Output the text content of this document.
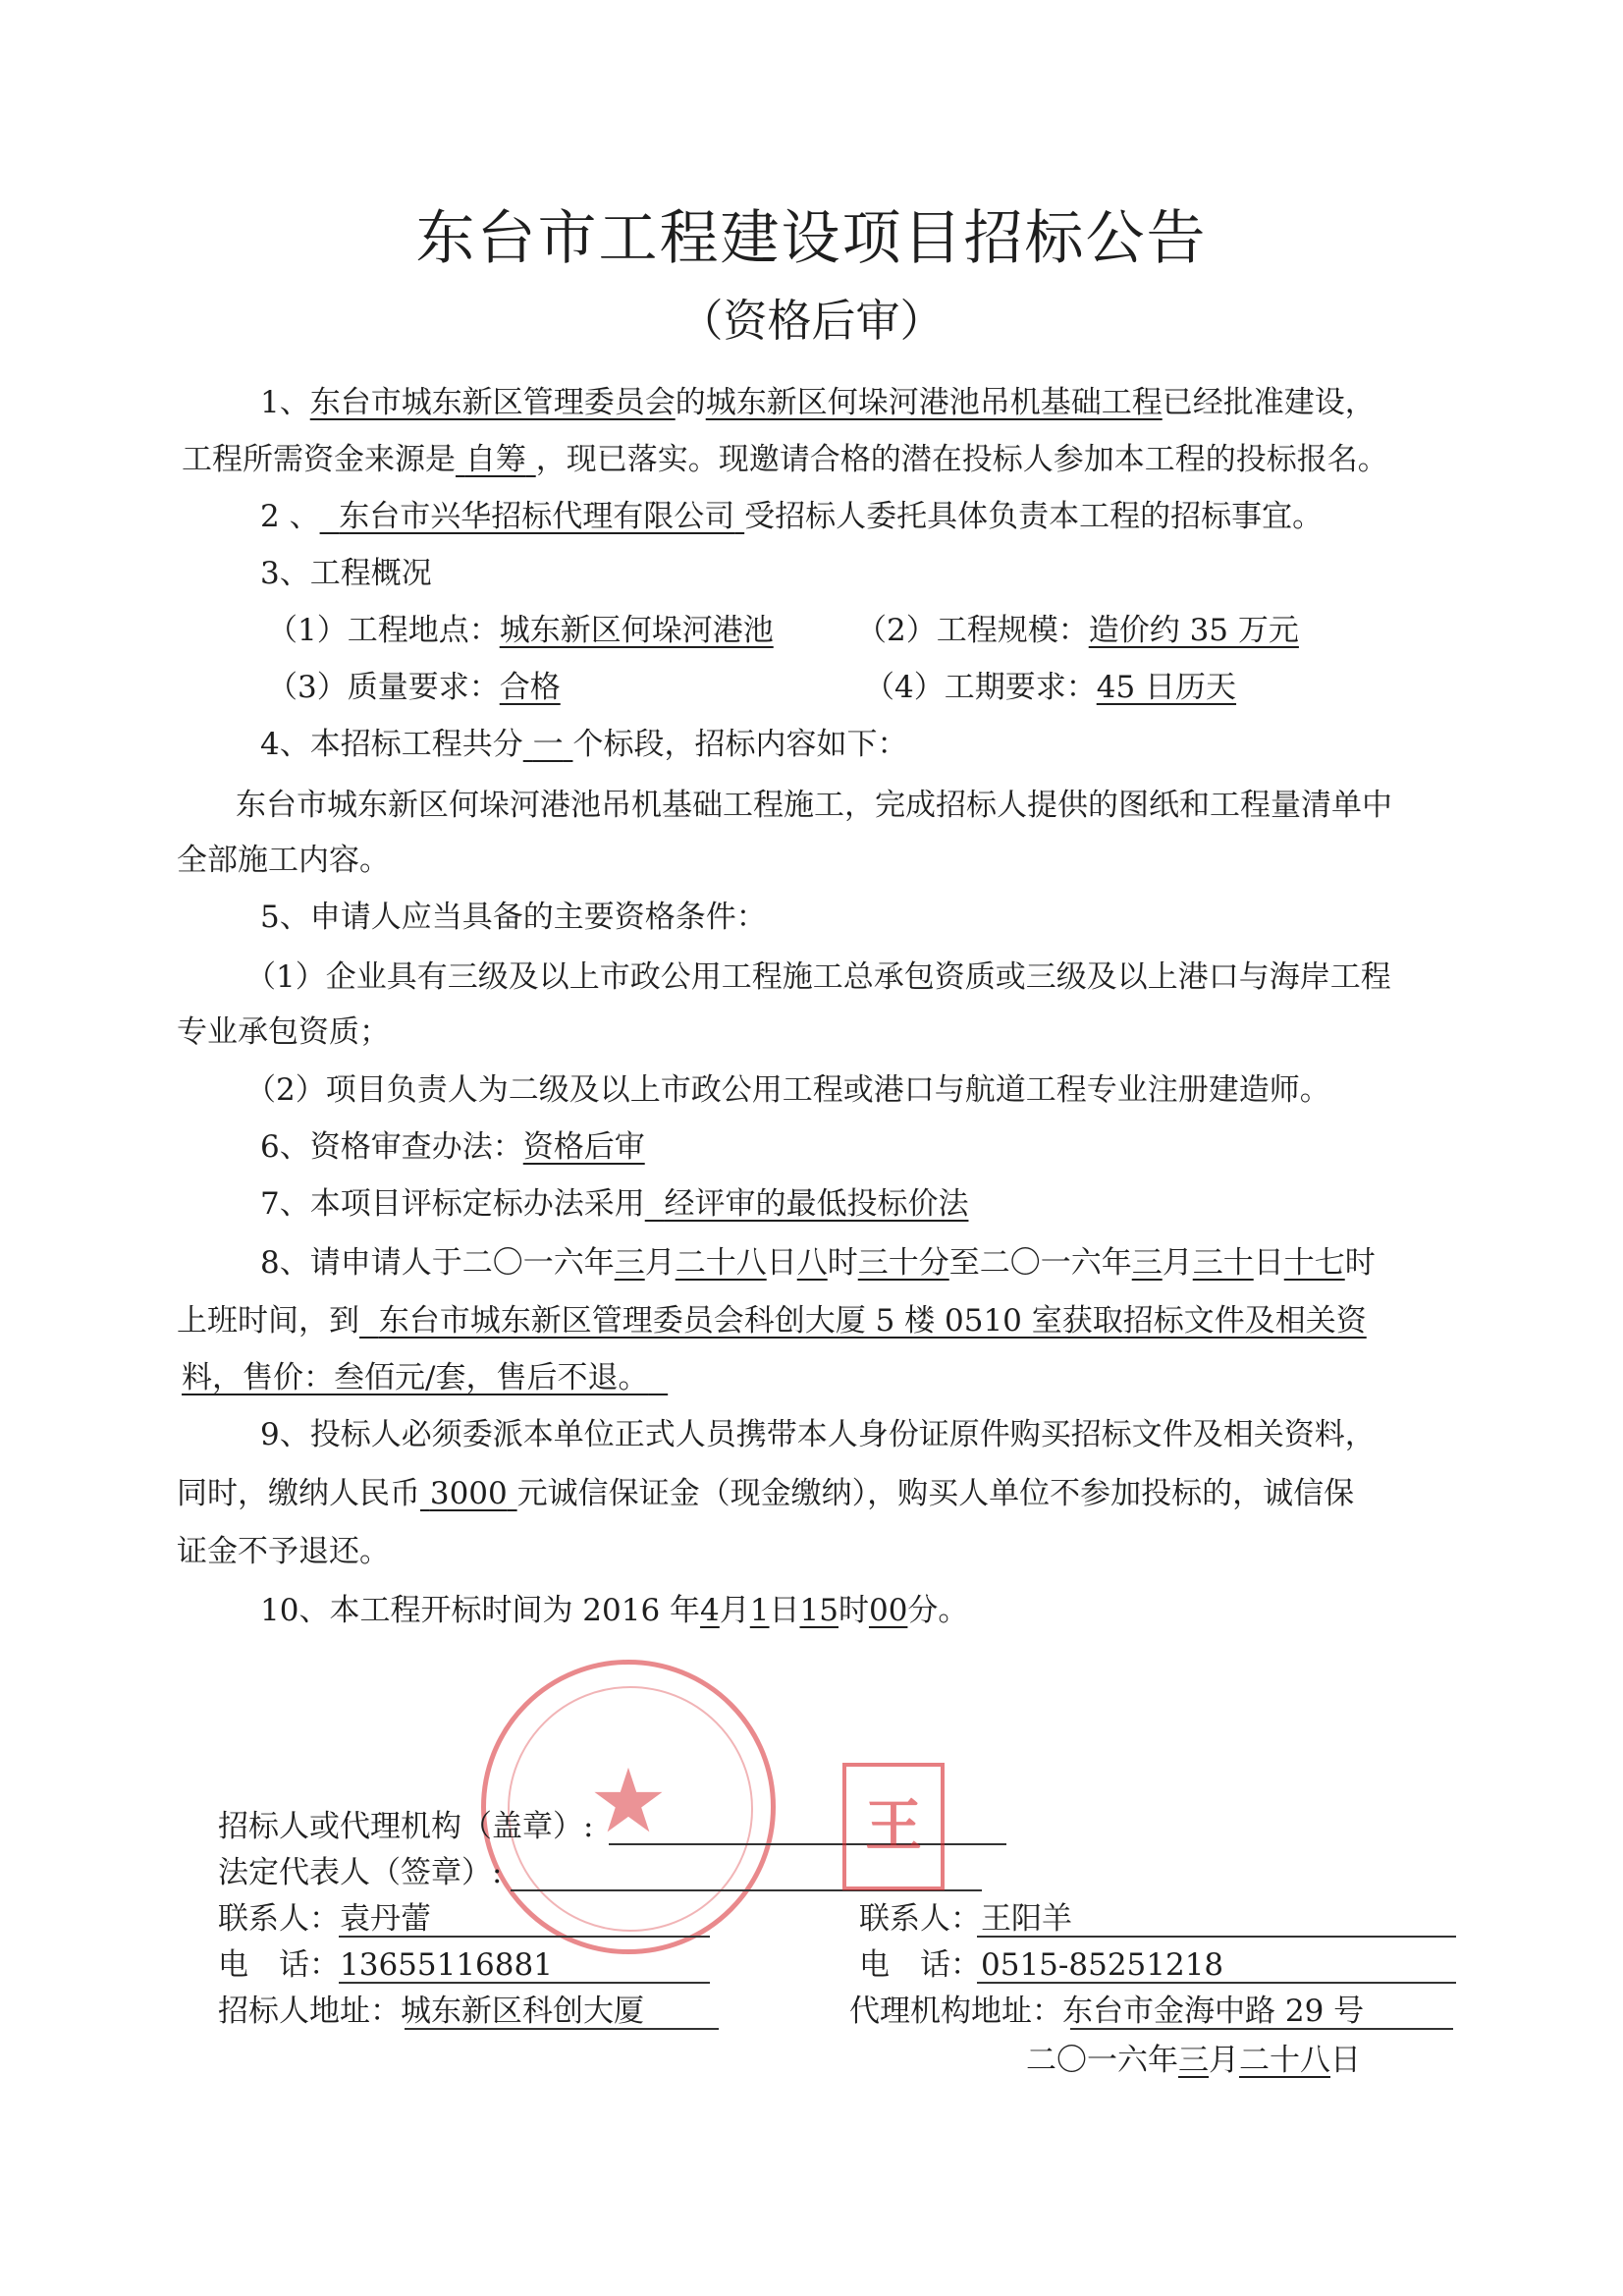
东台市工程建设项目招标公告
（资格后审）
1、东台市城东新区管理委员会的城东新区何垛河港池吊机基础工程已经批准建设，
工程所需资金来源是 自筹 ，现已落实。现邀请合格的潜在投标人参加本工程的投标报名。
2 、 东台市兴华招标代理有限公司 受招标人委托具体负责本工程的招标事宜。
3、工程概况
（1）工程地点：城东新区何垛河港池	（2）工程规模：造价约 35 万元
（3）质量要求：合格	（4）工期要求：45 日历天
4、本招标工程共分 一 个标段，招标内容如下：
东台市城东新区何垛河港池吊机基础工程施工，完成招标人提供的图纸和工程量清单中
全部施工内容。
5、申请人应当具备的主要资格条件：
（1）企业具有三级及以上市政公用工程施工总承包资质或三级及以上港口与海岸工程
专业承包资质；
（2）项目负责人为二级及以上市政公用工程或港口与航道工程专业注册建造师。
6、资格审查办法：资格后审
7、本项目评标定标办法采用 经评审的最低投标价法
8、请申请人于二〇一六年三月二十八日八时三十分至二〇一六年三月三十日十七时
上班时间，到 东台市城东新区管理委员会科创大厦 5 楼 0510 室获取招标文件及相关资
料，售价：叁佰元/套，售后不退。
9、投标人必须委派本单位正式人员携带本人身份证原件购买招标文件及相关资料，
同时，缴纳人民币 3000 元诚信保证金（现金缴纳），购买人单位不参加投标的，诚信保
证金不予退还。
10、本工程开标时间为 2016 年4月1日15时00分。
★
招标人或代理机构（盖章）:
法定代表人（签章）:
王
联系人：袁丹蕾	联系人：王阳羊
电　话：13655116881	电　话：0515-85251218
招标人地址：城东新区科创大厦	代理机构地址：东台市金海中路 29 号
二〇一六年三月二十八日
